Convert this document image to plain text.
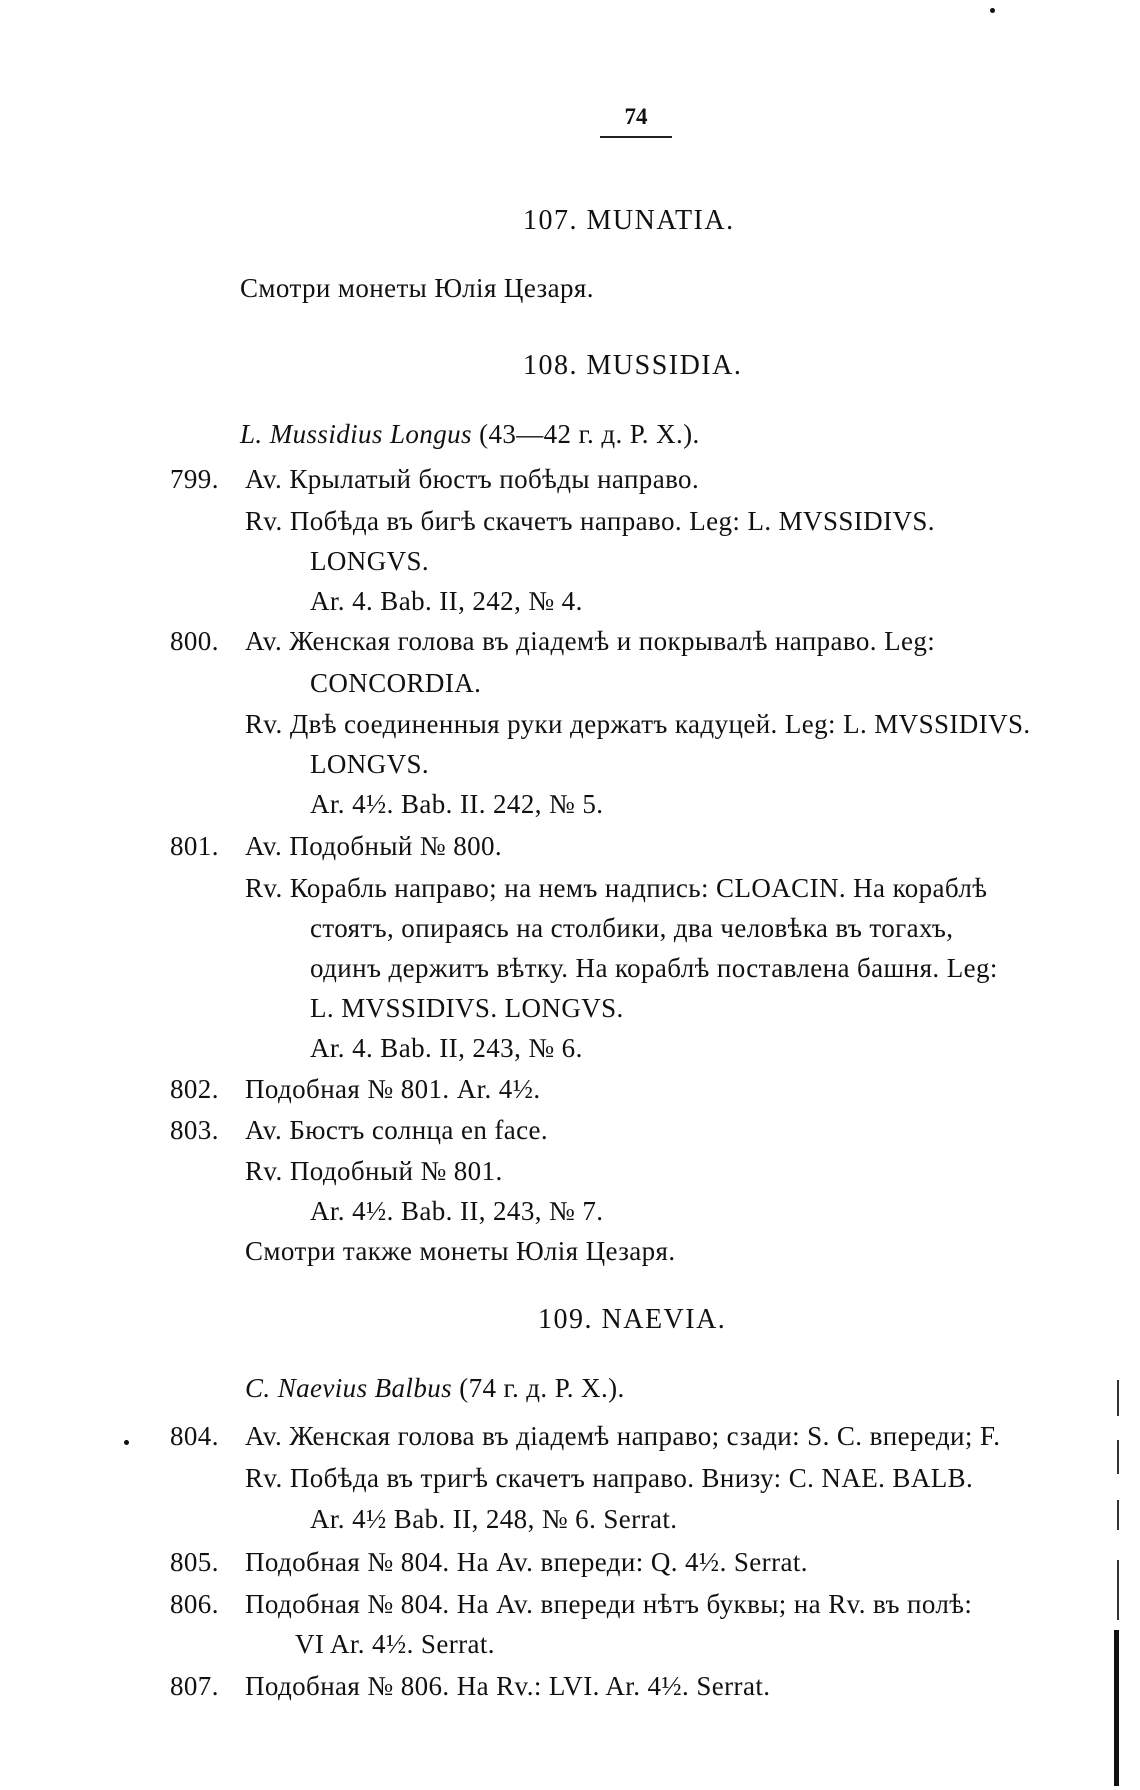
74
107. MUNATIA.
Смотри монеты Юлія Цезаря.
108. MUSSIDIA.
L. Mussidius Longus (43—42 г. д. Р. Х.).
799. Av. Крылатый бюстъ побѣды направо.
Rv. Побѣда въ бигѣ скачетъ направо. Leg: L. MVSSIDIVS.
LONGVS.
Ar. 4. Bab. II, 242, № 4.
800. Av. Женская голова въ діадемѣ и покрывалѣ направо. Leg:
CONCORDIA.
Rv. Двѣ соединенныя руки держатъ кадуцей. Leg: L. MVSSIDIVS.
LONGVS.
Ar. 4½. Bab. II. 242, № 5.
801. Av. Подобный № 800.
Rv. Корабль направо; на немъ надпись: CLOACIN. На кораблѣ
стоятъ, опираясь на столбики, два человѣка въ тогахъ,
одинъ держитъ вѣтку. На кораблѣ поставлена башня. Leg:
L. MVSSIDIVS. LONGVS.
Ar. 4. Bab. II, 243, № 6.
802. Подобная № 801. Ar. 4½.
803. Av. Бюстъ солнца en face.
Rv. Подобный № 801.
Ar. 4½. Bab. II, 243, № 7.
Смотри также монеты Юлія Цезаря.
109. NAEVIA.
C. Naevius Balbus (74 г. д. Р. Х.).
804. Av. Женская голова въ діадемѣ направо; сзади: S. C. впереди; F.
Rv. Побѣда въ тригѣ скачетъ направо. Внизу: C. NAE. BALB.
Ar. 4½ Bab. II, 248, № 6. Serrat.
805. Подобная № 804. На Av. впереди: Q. 4½. Serrat.
806. Подобная № 804. На Av. впереди нѣтъ буквы; на Rv. въ полѣ:
VI Ar. 4½. Serrat.
807. Подобная № 806. На Rv.: LVI. Ar. 4½. Serrat.
